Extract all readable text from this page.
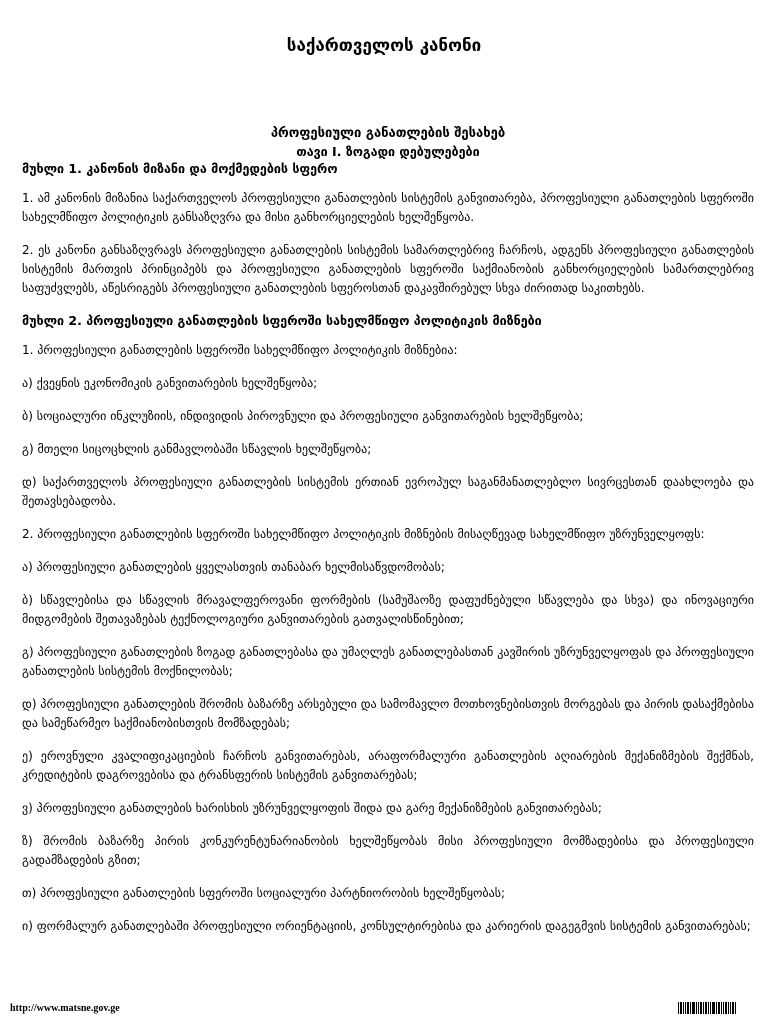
საქართველოს კანონი

პროფესიული განათლების შესახებ

თავი I. ზოგადი დებულებები

მუხლი 1. კანონის მიზანი და მოქმედების სფერო

1. ამ კანონის მიზანია საქართველოს პროფესიული განათლების სისტემის განვითარება, პროფესიული განათლების სფეროში სახელმწიფო პოლიტიკის განსაზღვრა და მისი განხორციელების ხელშეწყობა.

2. ეს კანონი განსაზღვრავს პროფესიული განათლების სისტემის სამართლებრივ ჩარჩოს, ადგენს პროფესიული განათლების სისტემის მართვის პრინციპებს და პროფესიული განათლების სფეროში საქმიანობის განხორციელების სამართლებრივ საფუძვლებს, აწესრიგებს პროფესიული განათლების სფეროსთან დაკავშირებულ სხვა ძირითად საკითხებს.

მუხლი 2. პროფესიული განათლების სფეროში სახელმწიფო პოლიტიკის მიზნები

1. პროფესიული განათლების სფეროში სახელმწიფო პოლიტიკის მიზნებია:

ა) ქვეყნის ეკონომიკის განვითარების ხელშეწყობა;

ბ) სოციალური ინკლუზიის, ინდივიდის პიროვნული და პროფესიული განვითარების ხელშეწყობა;

გ) მთელი სიცოცხლის განმავლობაში სწავლის ხელშეწყობა;

დ) საქართველოს პროფესიული განათლების სისტემის ერთიან ევროპულ საგანმანათლებლო სივრცესთან დაახლოება და შეთავსებადობა.

2. პროფესიული განათლების სფეროში სახელმწიფო პოლიტიკის მიზნების მისაღწევად სახელმწიფო უზრუნველყოფს:

ა) პროფესიული განათლების ყველასთვის თანაბარ ხელმისაწვდომობას;

ბ) სწავლებისა და სწავლის მრავალფეროვანი ფორმების (სამუშაოზე დაფუძნებული სწავლება და სხვა) და ინოვაციური მიდგომების შეთავაზებას ტექნოლოგიური განვითარების გათვალისწინებით;

გ) პროფესიული განათლების ზოგად განათლებასა და უმაღლეს განათლებასთან კავშირის უზრუნველყოფას და პროფესიული განათლების სისტემის მოქნილობას;

დ) პროფესიული განათლების შრომის ბაზარზე არსებული და სამომავლო მოთხოვნებისთვის მორგებას და პირის დასაქმებისა და სამეწარმეო საქმიანობისთვის მომზადებას;

ე) ეროვნული კვალიფიკაციების ჩარჩოს განვითარებას, არაფორმალური განათლების აღიარების მექანიზმების შექმნას, კრედიტების დაგროვებისა და ტრანსფერის სისტემის განვითარებას;

ვ) პროფესიული განათლების ხარისხის უზრუნველყოფის შიდა და გარე მექანიზმების განვითარებას;

ზ) შრომის ბაზარზე პირის კონკურენტუნარიანობის ხელშეწყობას მისი პროფესიული მომზადებისა და პროფესიული გადამზადების გზით;

თ) პროფესიული განათლების სფეროში სოციალური პარტნიორობის ხელშეწყობას;

ი) ფორმალურ განათლებაში პროფესიული ორიენტაციის, კონსულტირებისა და კარიერის დაგეგმვის სისტემის განვითარებას;

http://www.matsne.gov.ge
